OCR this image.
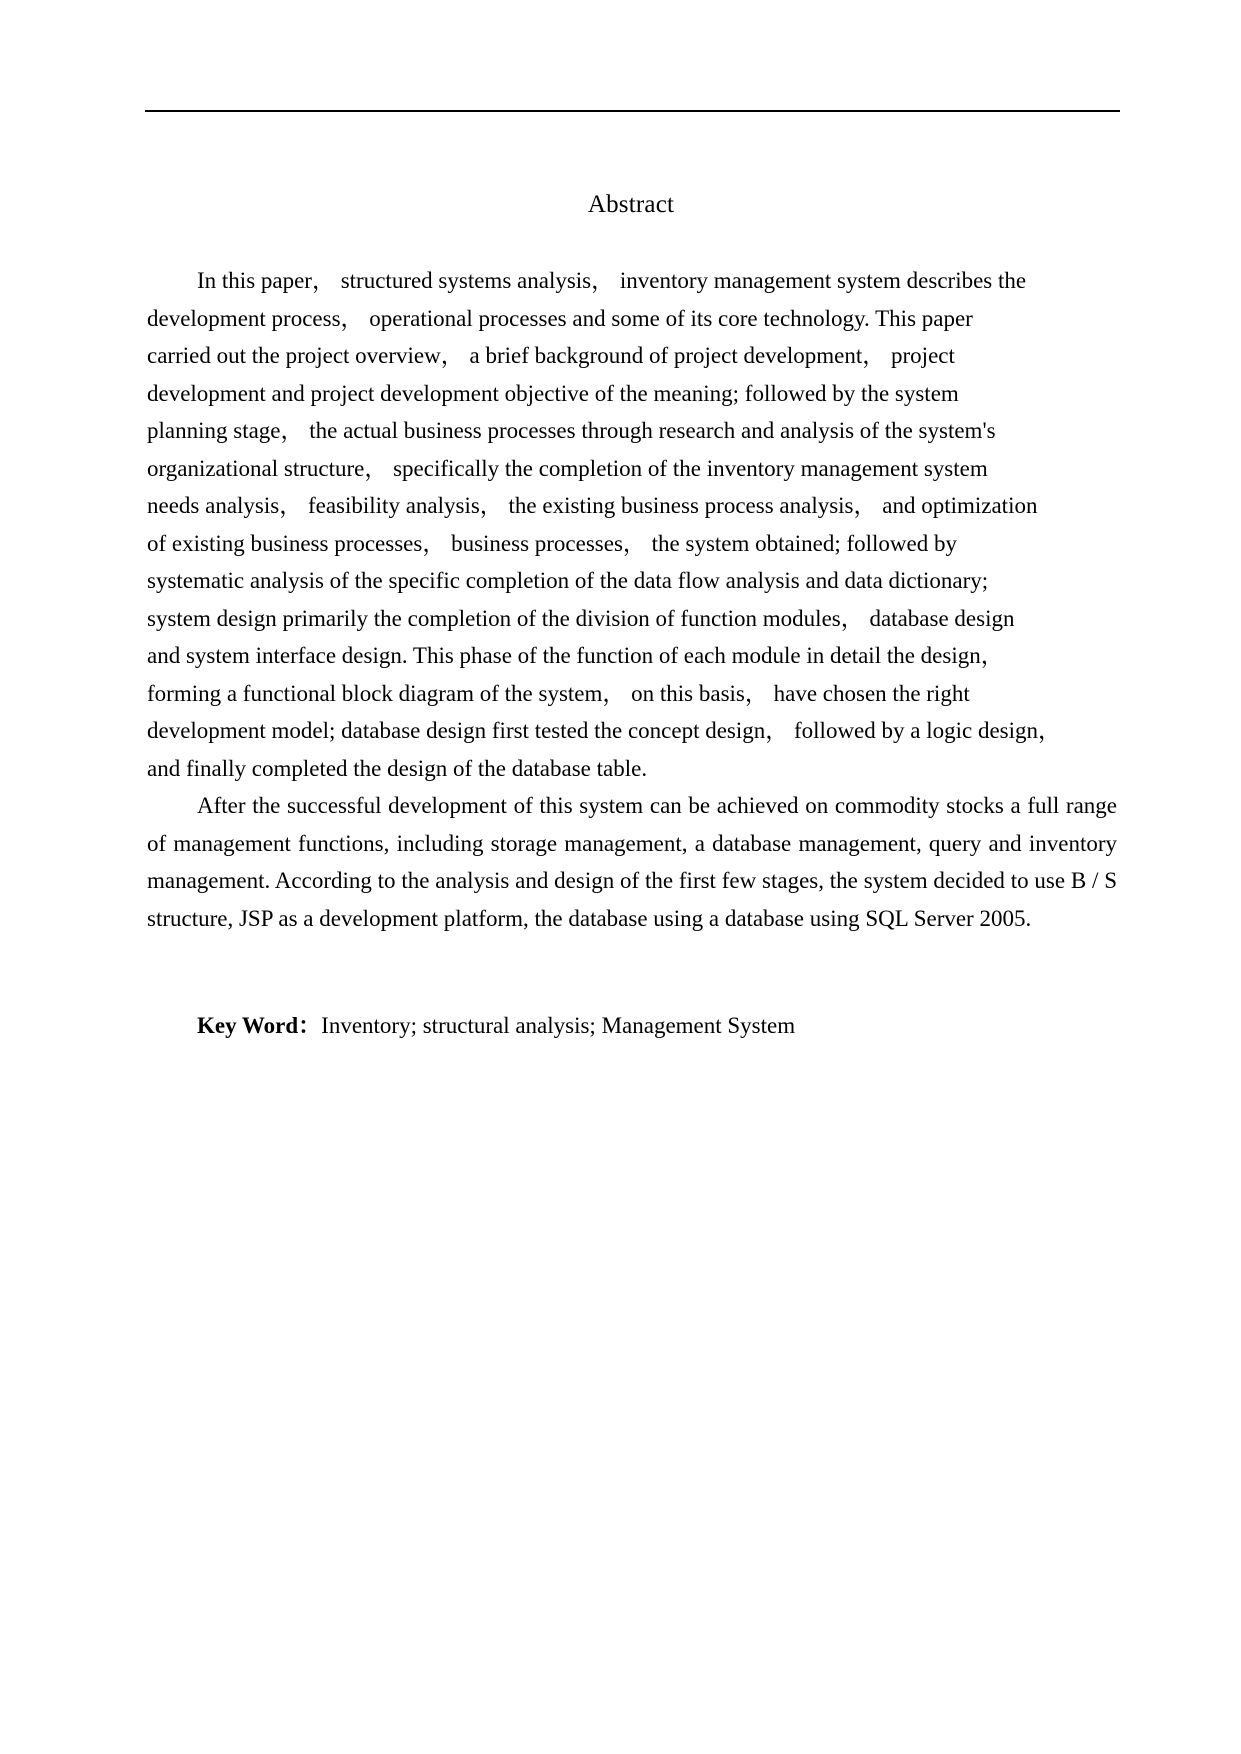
Abstract

In this paper， structured systems analysis， inventory management system describes the
development process， operational processes and some of its core technology. This paper
carried out the project overview， a brief background of project development， project
development and project development objective of the meaning; followed by the system
planning stage， the actual business processes through research and analysis of the system's
organizational structure， specifically the completion of the inventory management system
needs analysis， feasibility analysis， the existing business process analysis， and optimization
of existing business processes， business processes， the system obtained; followed by
systematic analysis of the specific completion of the data flow analysis and data dictionary;
system design primarily the completion of the division of function modules， database design
and system interface design. This phase of the function of each module in detail the design，
forming a functional block diagram of the system， on this basis， have chosen the right
development model; database design first tested the concept design， followed by a logic design，
and finally completed the design of the database table.

After the successful development of this system can be achieved on commodity stocks a full range of management functions, including storage management, a database management, query and inventory management. According to the analysis and design of the first few stages, the system decided to use B / S structure, JSP as a development platform, the database using a database using SQL Server 2005.

Key Word：Inventory; structural analysis; Management System
